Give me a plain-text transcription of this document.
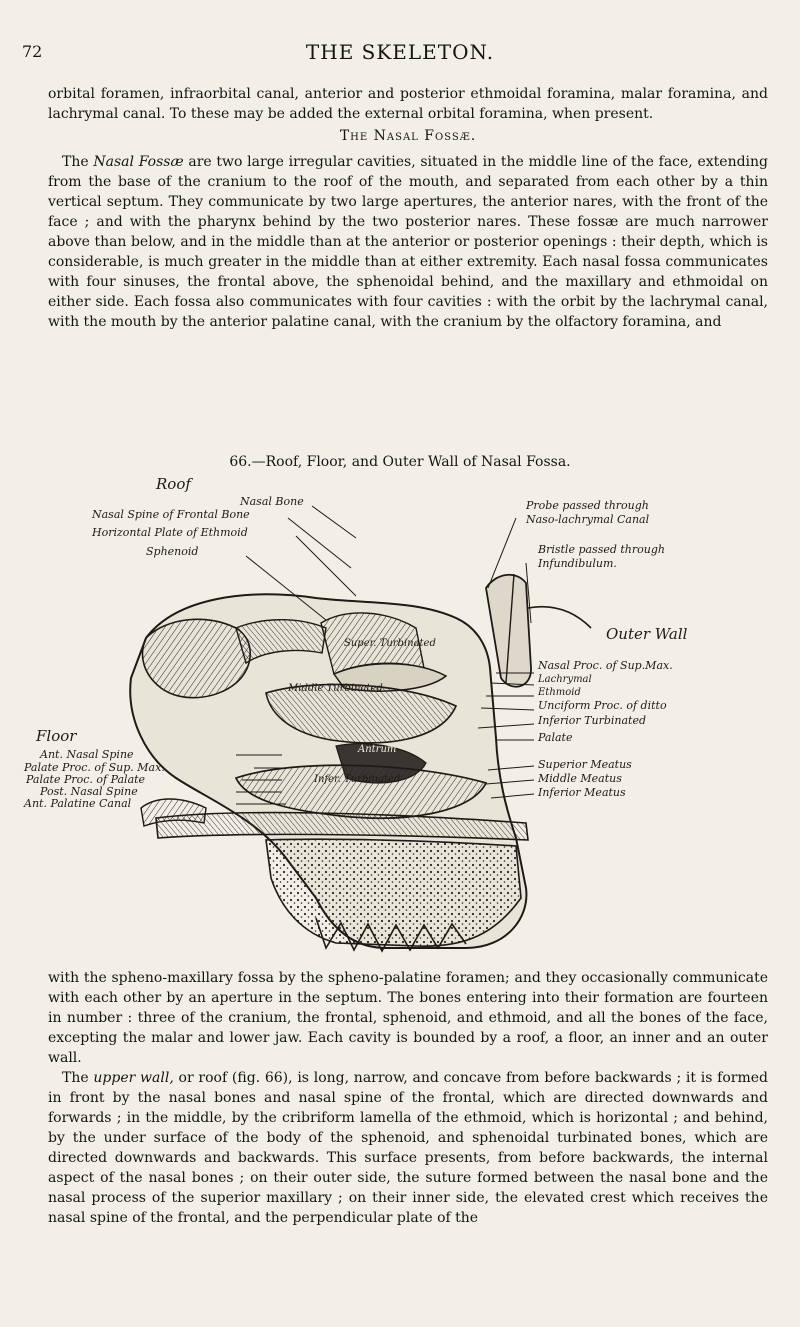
72	THE SKELETON.

orbital foramen, infraorbital canal, anterior and posterior ethmoidal foramina, malar foramina, and lachrymal canal. To these may be added the external orbital foramina, when present.

The Nasal Fossæ.

The Nasal Fossæ are two large irregular cavities, situated in the middle line of the face, extending from the base of the cranium to the roof of the mouth, and separated from each other by a thin vertical septum. They communicate by two large apertures, the anterior nares, with the front of the face ; and with the pharynx behind by the two posterior nares. These fossæ are much narrower above than below, and in the middle than at the anterior or posterior openings : their depth, which is considerable, is much greater in the middle than at either extremity. Each nasal fossa communicates with four sinuses, the frontal above, the sphenoidal behind, and the maxillary and ethmoidal on either side. Each fossa also communicates with four cavities : with the orbit by the lachrymal canal, with the mouth by the anterior palatine canal, with the cranium by the olfactory foramina, and

66.—Roof, Floor, and Outer Wall of Nasal Fossa.
Roof
Nasal Bone
Nasal Spine of Frontal Bone
Horizontal Plate of Ethmoid
Sphenoid
Super. Turbinated
Middle Turbinated
Antrum
Infer. Turbinated
Probe passed through
Naso-lachrymal Canal
Bristle passed through
Infundibulum.
Outer Wall
Nasal Proc. of Sup.Max.
Lachrymal
Ethmoid
Unciform Proc. of ditto
Inferior Turbinated
Palate
Superior Meatus
Middle Meatus
Inferior Meatus
Floor
Ant. Nasal Spine
Palate Proc. of Sup. Max.
Palate Proc. of Palate
Post. Nasal Spine
Ant. Palatine Canal

with the spheno-maxillary fossa by the spheno-palatine foramen; and they occasionally communicate with each other by an aperture in the septum. The bones entering into their formation are fourteen in number : three of the cranium, the frontal, sphenoid, and ethmoid, and all the bones of the face, excepting the malar and lower jaw. Each cavity is bounded by a roof, a floor, an inner and an outer wall.

The upper wall, or roof (fig. 66), is long, narrow, and concave from before backwards ; it is formed in front by the nasal bones and nasal spine of the frontal, which are directed downwards and forwards ; in the middle, by the cribriform lamella of the ethmoid, which is horizontal ; and behind, by the under surface of the body of the sphenoid, and sphenoidal turbinated bones, which are directed downwards and backwards. This surface presents, from before backwards, the internal aspect of the nasal bones ; on their outer side, the suture formed between the nasal bone and the nasal process of the superior maxillary ; on their inner side, the elevated crest which receives the nasal spine of the frontal, and the perpendicular plate of the
